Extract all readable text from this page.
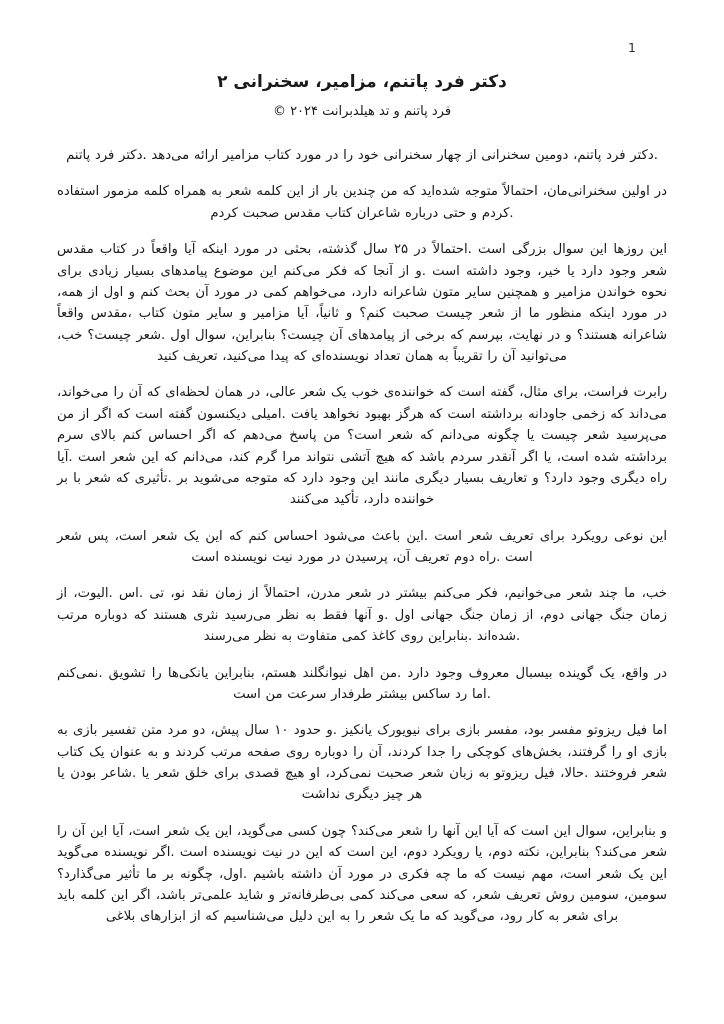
1
دکتر فرد پاتنم، مزامیر، سخنرانی ۲
فرد پاتنم و تد هیلدبرانت ۲۰۲۴ ©

.دکتر فرد پاتنم، دومین سخنرانی از چهار سخنرانی خود را در مورد کتاب مزامیر ارائه می‌دهد .دکتر فرد پاتنم

در اولین سخنرانی‌مان، احتمالاً متوجه شده‌اید که من چندین بار از این کلمه شعر به همراه کلمه مزمور استفاده .کردم و حتی درباره شاعران کتاب مقدس صحبت کردم

این روزها این سوال بزرگی است .احتمالاً در ۲۵ سال گذشته، بحثی در مورد اینکه آیا واقعاً در کتاب مقدس شعر وجود دارد یا خیر، وجود داشته است .و از آنجا که فکر می‌کنم این موضوع پیامدهای بسیار زیادی برای نحوه خواندن مزامیر و همچنین سایر متون شاعرانه دارد، می‌خواهم کمی در مورد آن بحث کنم و اول از همه، در مورد اینکه منظور ما از شعر چیست صحبت کنم؟ و ثانیاً، آیا مزامیر و سایر متون کتاب ،مقدس واقعاً شاعرانه هستند؟ و در نهایت، بپرسم که برخی از پیامدهای آن چیست؟ بنابراین، سوال اول .شعر چیست؟ خب، می‌توانید آن را تقریباً به همان تعداد نویسنده‌ای که پیدا می‌کنید، تعریف کنید

رابرت فراست، برای مثال، گفته است که خواننده‌ی خوب یک شعر عالی، در همان لحظه‌ای که آن را می‌خواند، می‌داند که زخمی جاودانه برداشته است که هرگز بهبود نخواهد یافت .امیلی دیکنسون گفته است که اگر از من می‌پرسید شعر چیست یا چگونه می‌دانم که شعر است؟ من پاسخ می‌دهم که اگر احساس کنم بالای سرم برداشته شده است، یا اگر آنقدر سردم باشد که هیچ آتشی نتواند مرا گرم کند، می‌دانم که این شعر است .آیا راه دیگری وجود دارد؟ و تعاریف بسیار دیگری مانند این وجود دارد که متوجه می‌شوید بر .تأثیری که شعر با بر خواننده دارد، تأکید می‌کنند

این نوعی رویکرد برای تعریف شعر است .این باعث می‌شود احساس کنم که این یک شعر است، پس شعر است .راه دوم تعریف آن، پرسیدن در مورد نیت نویسنده است

خب، ما چند شعر می‌خوانیم، فکر می‌کنم بیشتر در شعر مدرن، احتمالاً از زمان نقد نو، تی .اس .الیوت، از زمان جنگ جهانی دوم، از زمان جنگ جهانی اول .و آنها فقط به نظر می‌رسید نثری هستند که دوباره مرتب .شده‌اند .بنابراین روی کاغذ کمی متفاوت به نظر می‌رسند

در واقع، یک گوینده بیسبال معروف وجود دارد .من اهل نیوانگلند هستم، بنابراین یانکی‌ها را تشویق .نمی‌کنم .اما رد ساکس بیشتر طرفدار سرعت من است

اما فیل ریزوتو مفسر بود، مفسر بازی برای نیویورک یانکیز .و حدود ۱۰ سال پیش، دو مرد متن تفسیر بازی به بازی او را گرفتند، بخش‌های کوچکی را جدا کردند، آن را دوباره روی صفحه مرتب کردند و به عنوان یک کتاب شعر فروختند .حالا، فیل ریزوتو به زبان شعر صحبت نمی‌کرد، او هیچ قصدی برای خلق شعر یا .شاعر بودن یا هر چیز دیگری نداشت

و بنابراین، سوال این است که آیا این آنها را شعر می‌کند؟ چون کسی می‌گوید، این یک شعر است، آیا این آن را شعر می‌کند؟ بنابراین، نکته دوم، یا رویکرد دوم، این است که این در نیت نویسنده است .اگر نویسنده می‌گوید این یک شعر است، مهم نیست که ما چه فکری در مورد آن داشته باشیم .اول، چگونه بر ما تأثیر می‌گذارد؟ سومین، سومین روش تعریف شعر، که سعی می‌کند کمی بی‌طرفانه‌تر و شاید علمی‌تر باشد، اگر این کلمه باید برای شعر به کار رود، می‌گوید که ما یک شعر را به این دلیل می‌شناسیم که از ابزارهای بلاغی
